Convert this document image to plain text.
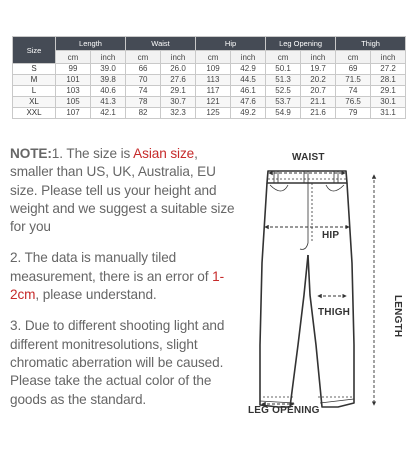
Size	Length		Waist		Hip		Leg Opening		Thigh	
	cm	inch	cm	inch	cm	inch	cm	inch	cm	inch
S	99	39.0	66	26.0	109	42.9	50.1	19.7	69	27.2
M	101	39.8	70	27.6	113	44.5	51.3	20.2	71.5	28.1
L	103	40.6	74	29.1	117	46.1	52.5	20.7	74	29.1
XL	105	41.3	78	30.7	121	47.6	53.7	21.1	76.5	30.1
XXL	107	42.1	82	32.3	125	49.2	54.9	21.6	79	31.1

NOTE:1. The size is Asian size, smaller than US, UK, Australia, EU size. Please tell us your height and weight and we suggest a suitable size for you

2. The data is manually tiled measurement, there is an error of 1-2cm, please understand.

3. Due to different shooting light and different monitresolutions, slight chromatic aberration will be caused. Please take the actual color of the goods as the standard.

WAIST
HIP
THIGH
LEG OPENING
LENGTH
